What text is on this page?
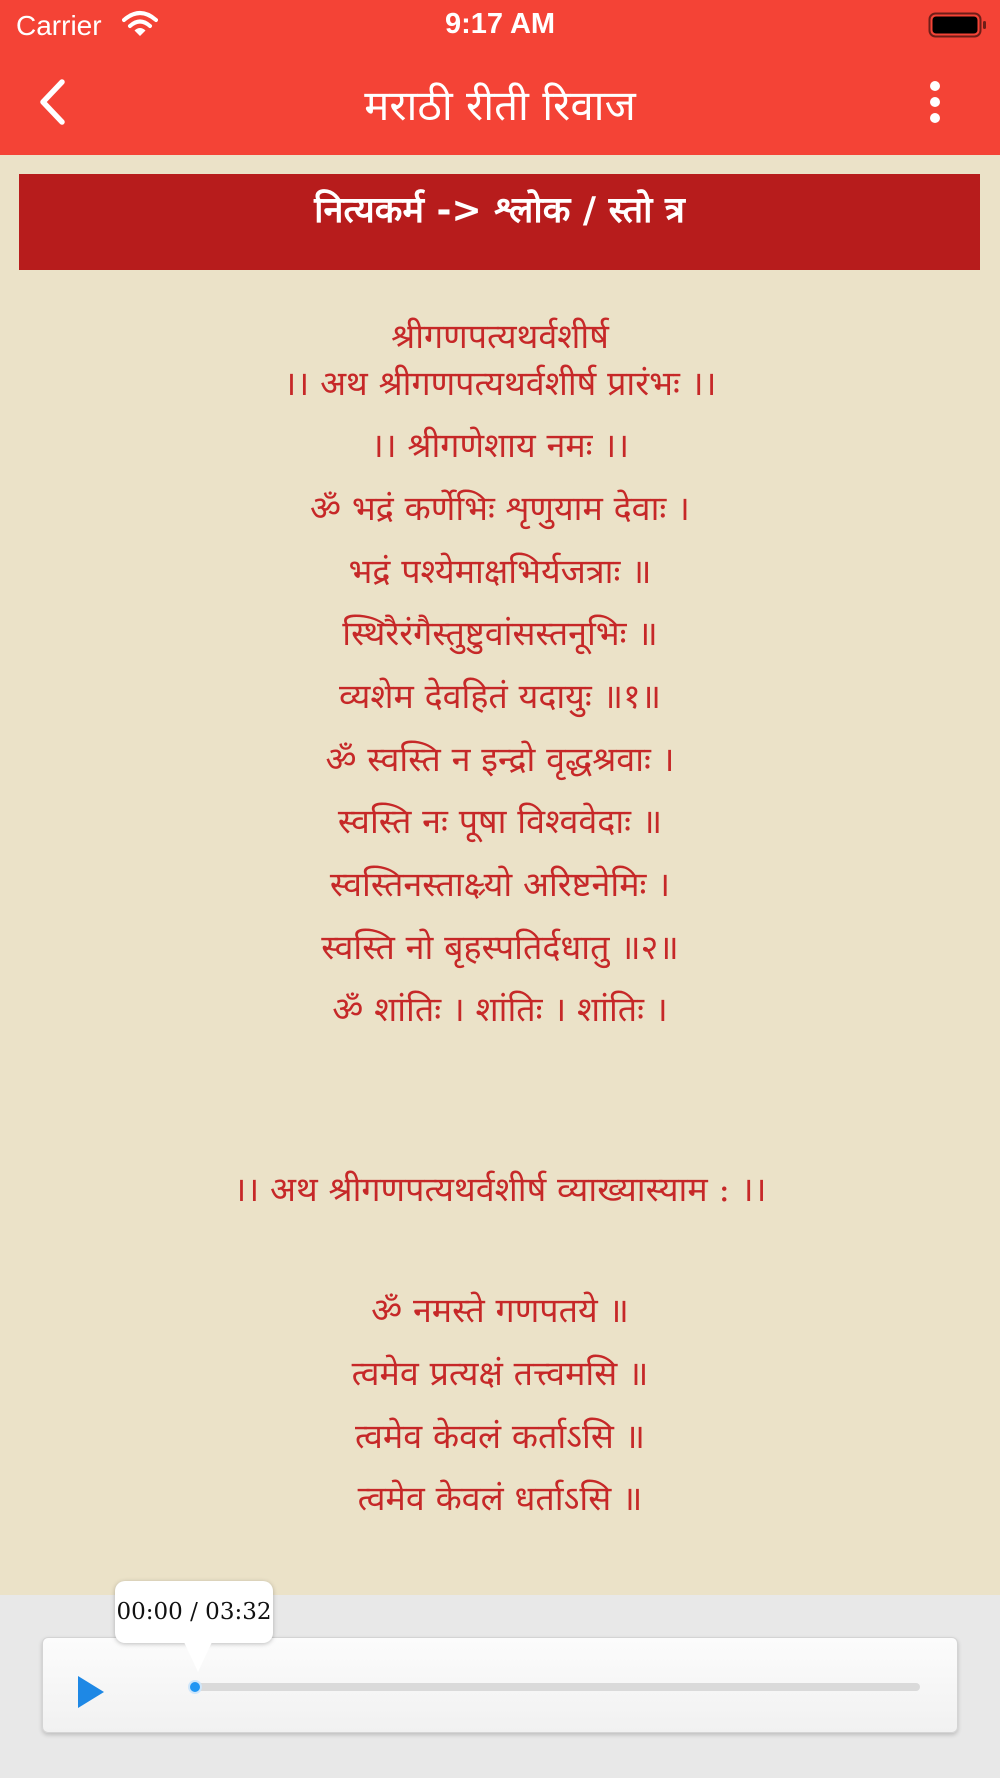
Carrier	9:17 AM
मराठी रीती रिवाज
नित्यकर्म -> श्लोक / स्तो त्र
श्रीगणपत्यथर्वशीर्ष
।। अथ श्रीगणपत्यथर्वशीर्ष प्रारंभः ।।
।। श्रीगणेशाय नमः ।।
ॐ भद्रं कर्णेभिः शृणुयाम देवाः ।
भद्रं पश्येमाक्षभिर्यजत्राः ॥
स्थिरैरंगैस्तुष्टुवांसस्तनूभिः ॥
व्यशेम देवहितं यदायुः ॥१॥
ॐ स्वस्ति न इन्द्रो वृद्धश्रवाः ।
स्वस्ति नः पूषा विश्ववेदाः ॥
स्वस्तिनस्ताक्ष्र्यो अरिष्टनेमिः ।
स्वस्ति नो बृहस्पतिर्दधातु ॥२॥
ॐ शांतिः । शांतिः । शांतिः ।
।। अथ श्रीगणपत्यथर्वशीर्ष व्याख्यास्याम : ।।
ॐ नमस्ते गणपतये ॥
त्वमेव प्रत्यक्षं तत्त्वमसि ॥
त्वमेव केवलं कर्ताऽसि ॥
त्वमेव केवलं धर्ताऽसि ॥
00:00 / 03:32
